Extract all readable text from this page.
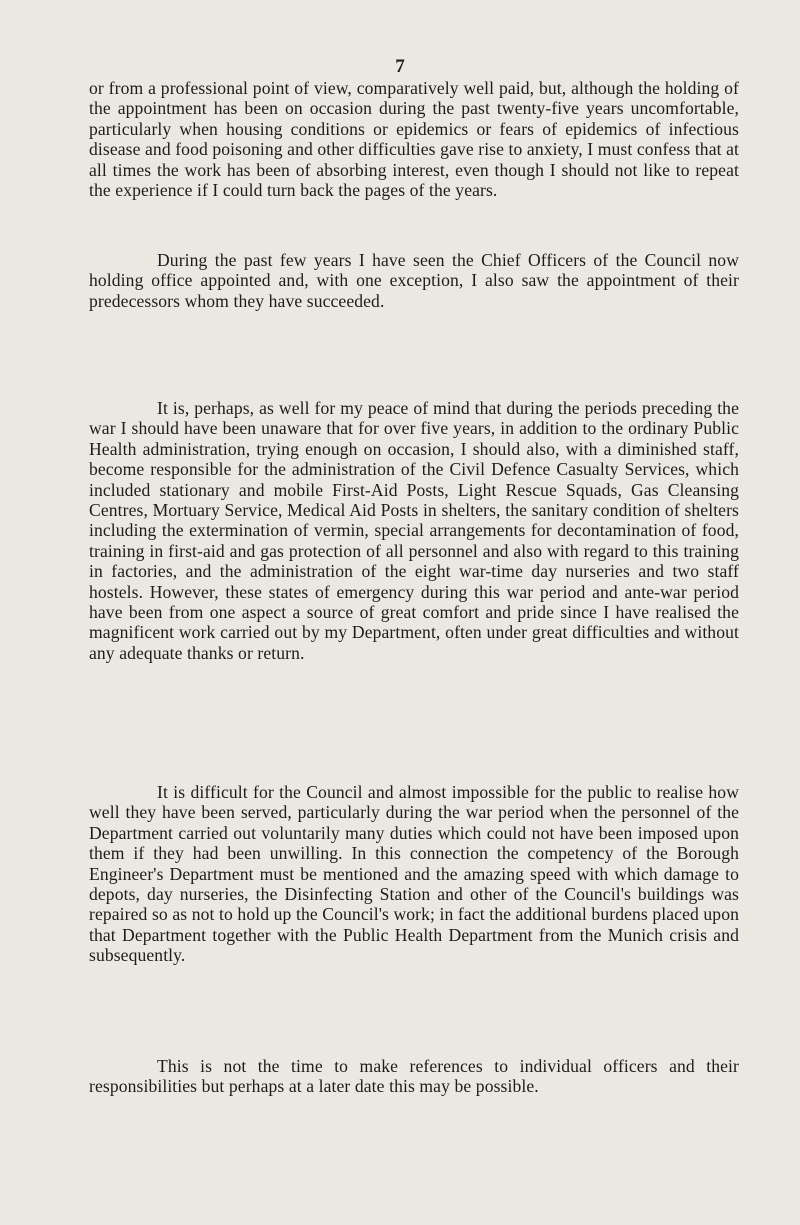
7

or from a professional point of view, comparatively well paid, but, although the holding of the appointment has been on occasion during the past twenty-five years uncomfortable, particularly when housing conditions or epidemics or fears of epidemics of infectious disease and food poisoning and other difficulties gave rise to anxiety, I must confess that at all times the work has been of absorbing interest, even though I should not like to repeat the experience if I could turn back the pages of the years.

During the past few years I have seen the Chief Officers of the Council now holding office appointed and, with one exception, I also saw the appointment of their predecessors whom they have succeeded.

It is, perhaps, as well for my peace of mind that during the periods preceding the war I should have been unaware that for over five years, in addition to the ordinary Public Health administration, trying enough on occasion, I should also, with a diminished staff, become responsible for the administration of the Civil Defence Casualty Services, which included stationary and mobile First-Aid Posts, Light Rescue Squads, Gas Cleansing Centres, Mortuary Service, Medical Aid Posts in shelters, the sanitary condition of shelters including the extermination of vermin, special arrangements for decontamination of food, training in first-aid and gas protection of all personnel and also with regard to this training in factories, and the administration of the eight war-time day nurseries and two staff hostels. However, these states of emergency during this war period and ante-war period have been from one aspect a source of great comfort and pride since I have realised the magnificent work carried out by my Department, often under great difficulties and without any adequate thanks or return.

It is difficult for the Council and almost impossible for the public to realise how well they have been served, particularly during the war period when the personnel of the Department carried out voluntarily many duties which could not have been imposed upon them if they had been unwilling. In this connection the competency of the Borough Engineer's Department must be mentioned and the amazing speed with which damage to depots, day nurseries, the Disinfecting Station and other of the Council's buildings was repaired so as not to hold up the Council's work; in fact the additional burdens placed upon that Department together with the Public Health Department from the Munich crisis and subsequently.

This is not the time to make references to individual officers and their responsibilities but perhaps at a later date this may be possible.
